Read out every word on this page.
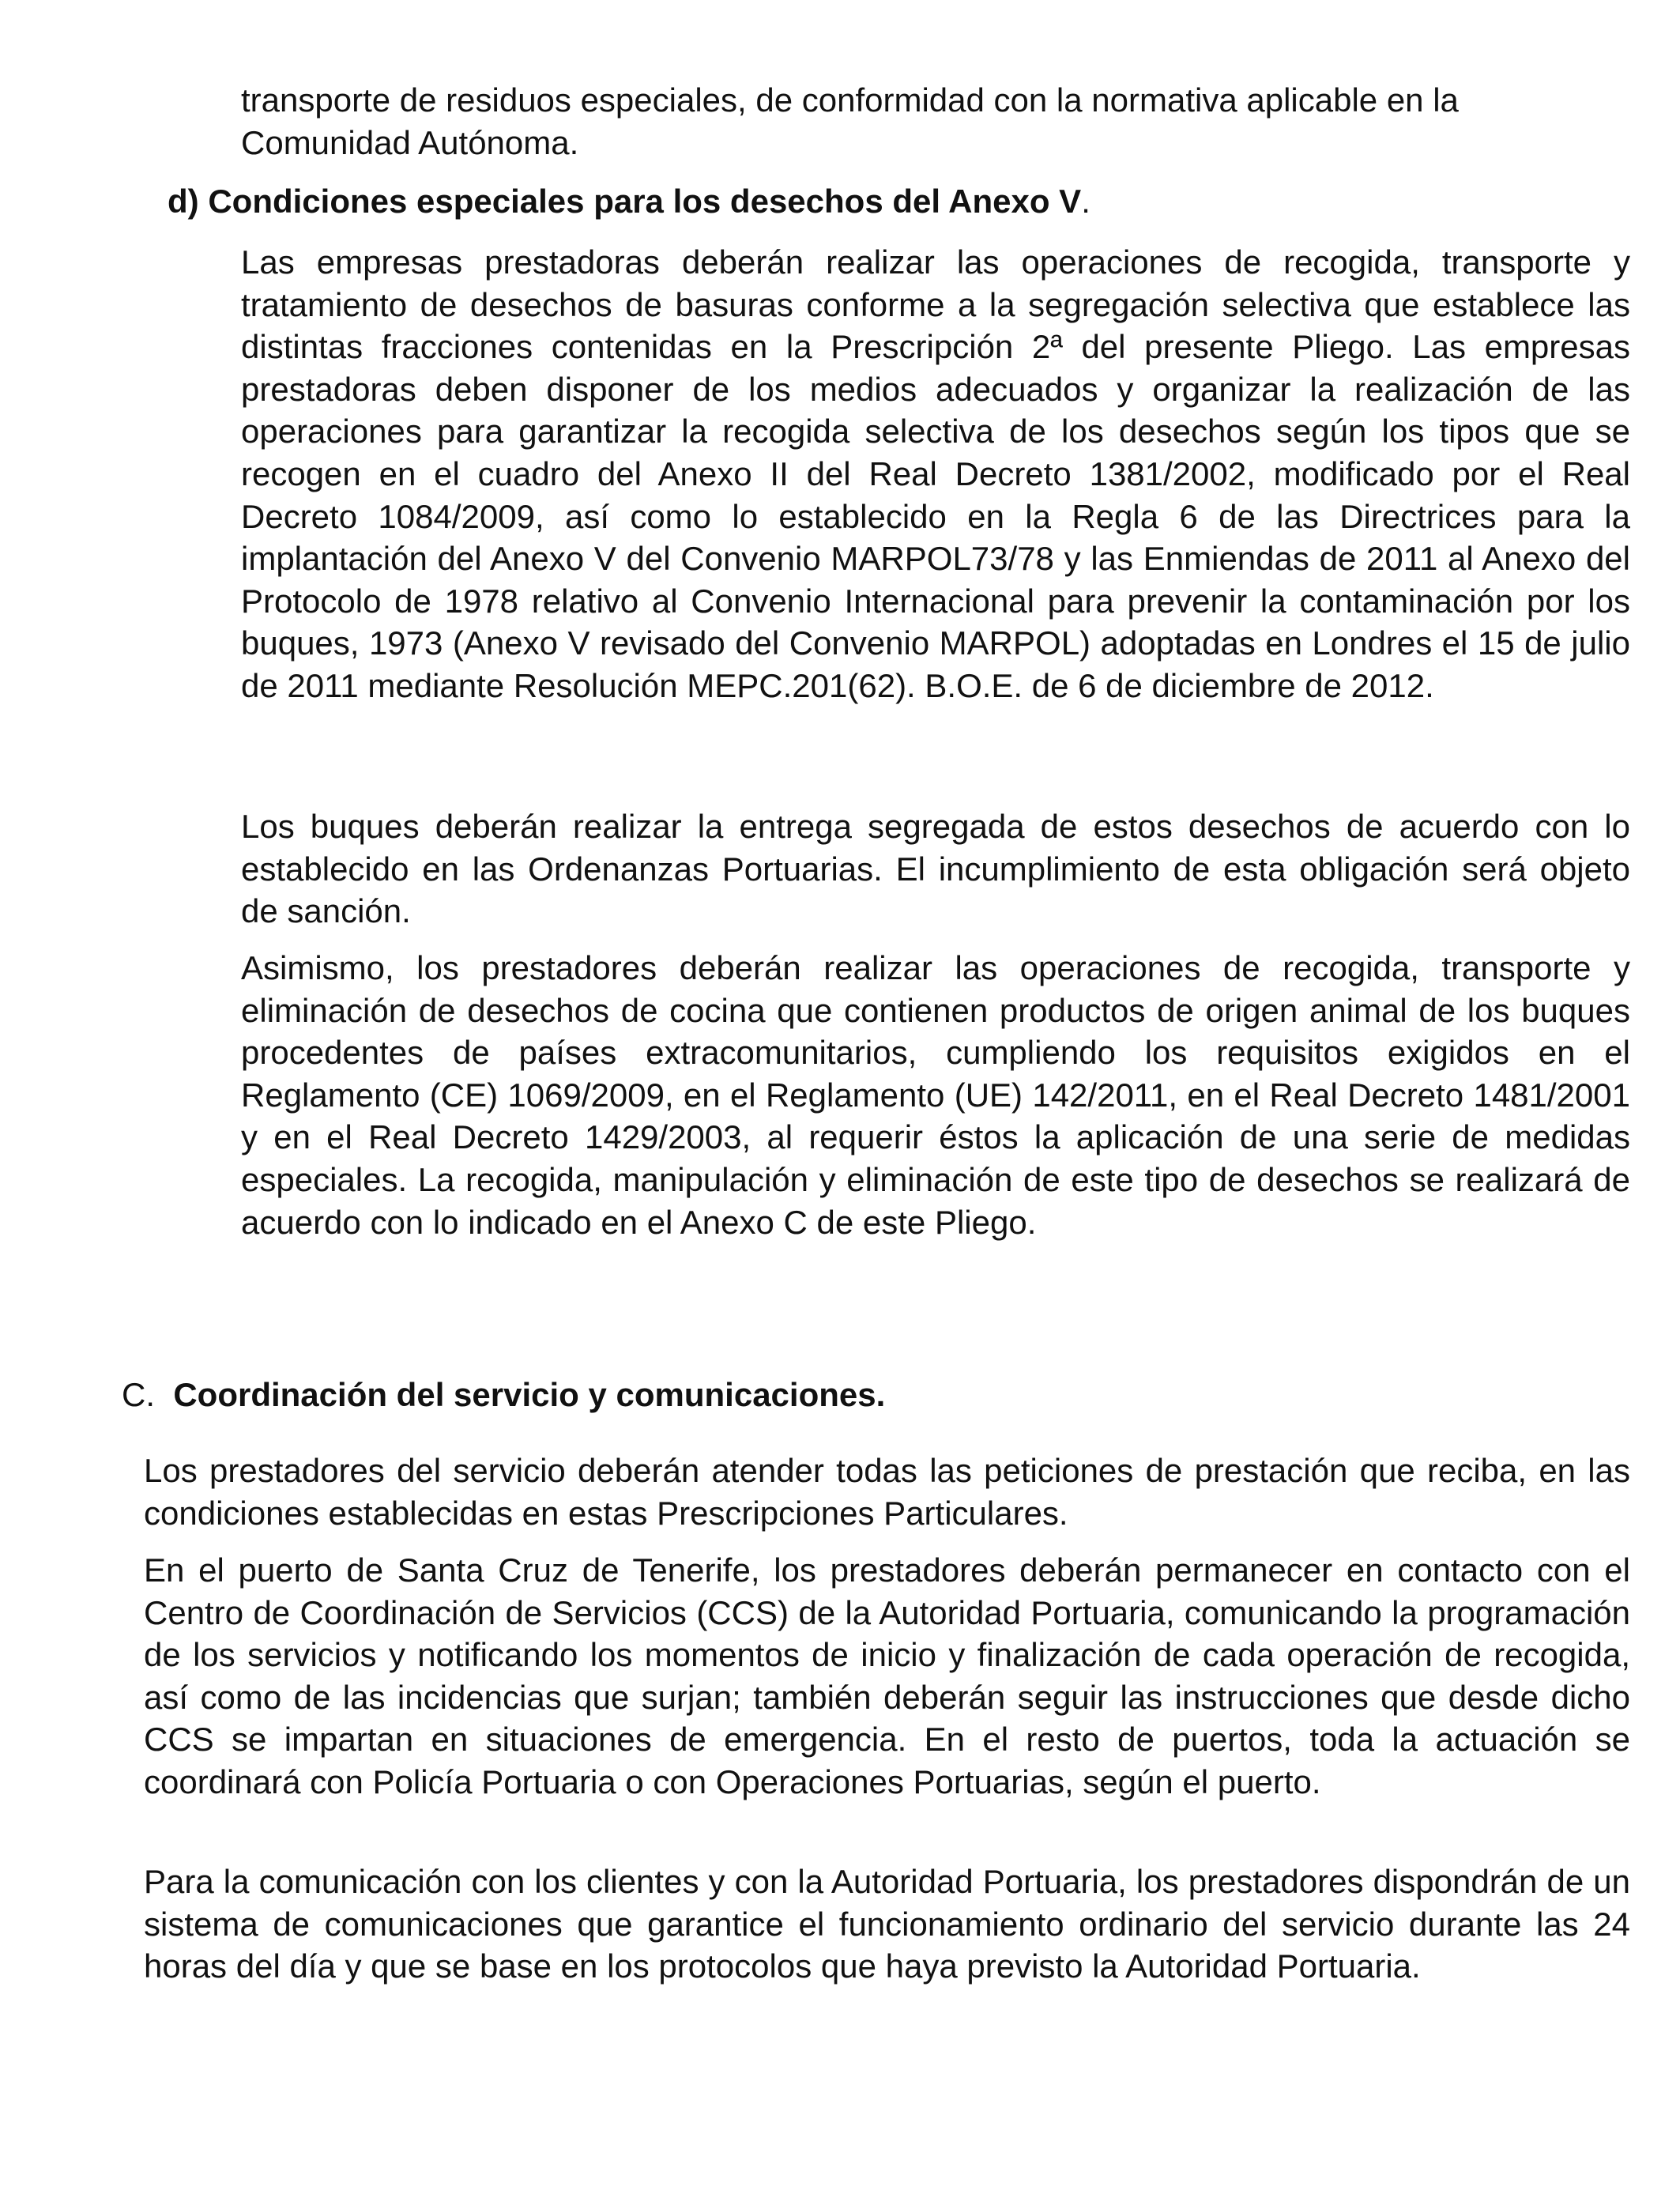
transporte de residuos especiales, de conformidad con la normativa aplicable en la Comunidad Autónoma.

d) Condiciones especiales para los desechos del Anexo V.

Las empresas prestadoras deberán realizar las operaciones de recogida, transporte y tratamiento de desechos de basuras conforme a la segregación selectiva que establece las distintas fracciones contenidas en la Prescripción 2ª del presente Pliego. Las empresas prestadoras deben disponer de los medios adecuados y organizar la realización de las operaciones para garantizar la recogida selectiva de los desechos según los tipos que se recogen en el cuadro del Anexo II del Real Decreto 1381/2002, modificado por el Real Decreto 1084/2009, así como lo establecido en la Regla 6 de las Directrices para la implantación del Anexo V del Convenio MARPOL73/78 y las Enmiendas de 2011 al Anexo del Protocolo de 1978 relativo al Convenio Internacional para prevenir la contaminación por los buques, 1973 (Anexo V revisado del Convenio MARPOL) adoptadas en Londres el 15 de julio de 2011 mediante Resolución MEPC.201(62). B.O.E. de 6 de diciembre de 2012.

Los buques deberán realizar la entrega segregada de estos desechos de acuerdo con lo establecido en las Ordenanzas Portuarias. El incumplimiento de esta obligación será objeto de sanción.

Asimismo, los prestadores deberán realizar las operaciones de recogida, transporte y eliminación de desechos de cocina que contienen productos de origen animal de los buques procedentes de países extracomunitarios, cumpliendo los requisitos exigidos en el Reglamento (CE) 1069/2009, en el Reglamento (UE) 142/2011, en el Real Decreto 1481/2001 y en el Real Decreto 1429/2003, al requerir éstos la aplicación de una serie de medidas especiales. La recogida, manipulación y eliminación de este tipo de desechos se realizará de acuerdo con lo indicado en el Anexo C de este Pliego.

C. Coordinación del servicio y comunicaciones.

Los prestadores del servicio deberán atender todas las peticiones de prestación que reciba, en las condiciones establecidas en estas Prescripciones Particulares.

En el puerto de Santa Cruz de Tenerife, los prestadores deberán permanecer en contacto con el Centro de Coordinación de Servicios (CCS) de la Autoridad Portuaria, comunicando la programación de los servicios y notificando los momentos de inicio y finalización de cada operación de recogida, así como de las incidencias que surjan; también deberán seguir las instrucciones que desde dicho CCS se impartan en situaciones de emergencia. En el resto de puertos, toda la actuación se coordinará con Policía Portuaria o con Operaciones Portuarias, según el puerto.

Para la comunicación con los clientes y con la Autoridad Portuaria, los prestadores dispondrán de un sistema de comunicaciones que garantice el funcionamiento ordinario del servicio durante las 24 horas del día y que se base en los protocolos que haya previsto la Autoridad Portuaria.
